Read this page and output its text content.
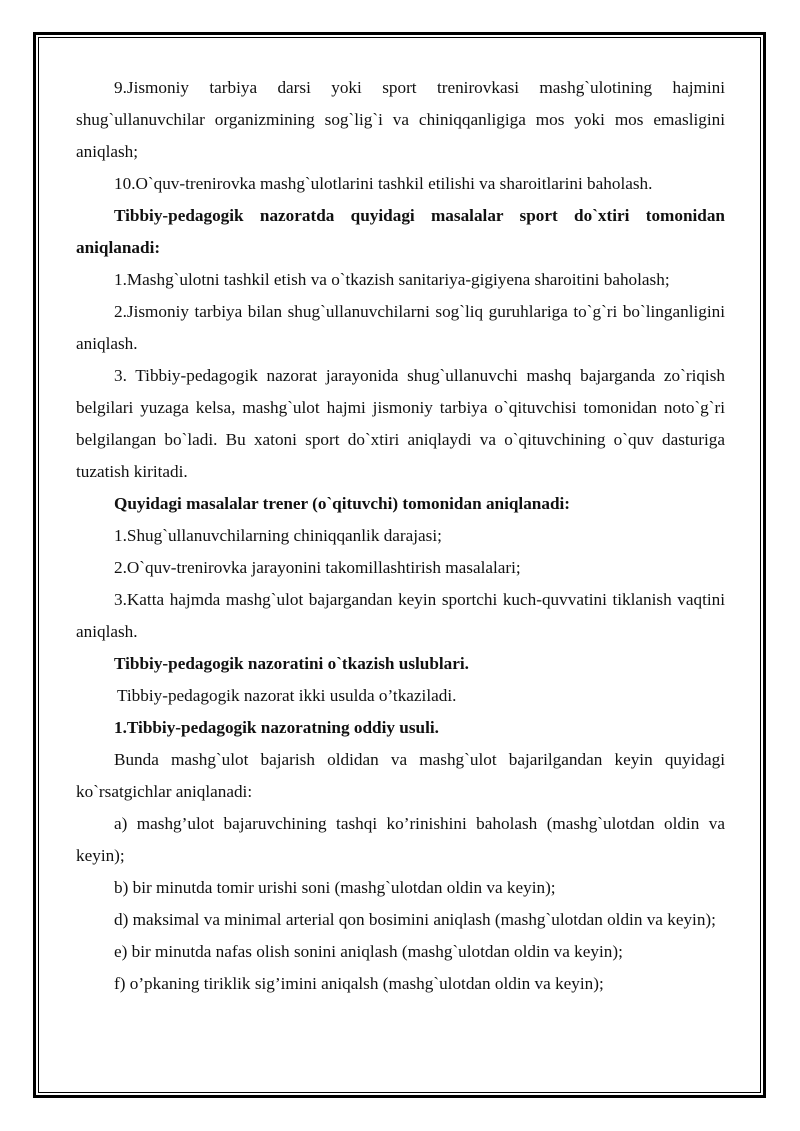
9.Jismoniy tarbiya darsi yoki sport trenirovkasi mashg`ulotining hajmini shug`ullanuvchilar organizmining sog`lig`i va chiniqqanligiga mos yoki mos emasligini aniqlash;

10.O`quv-trenirovka mashg`ulotlarini tashkil etilishi va sharoitlarini baholash.

Tibbiy-pedagogik nazoratda quyidagi masalalar sport do`xtiri tomonidan aniqlanadi:

1.Mashg`ulotni tashkil etish va o`tkazish sanitariya-gigiyena sharoitini baholash;

2.Jismoniy tarbiya bilan shug`ullanuvchilarni sog`liq guruhlariga to`g`ri bo`linganligini aniqlash.

3. Tibbiy-pedagogik nazorat jarayonida shug`ullanuvchi mashq bajarganda zo`riqish belgilari yuzaga kelsa, mashg`ulot hajmi jismoniy tarbiya o`qituvchisi tomonidan noto`g`ri belgilangan bo`ladi. Bu xatoni sport do`xtiri aniqlaydi va o`qituvchining o`quv dasturiga tuzatish kiritadi.

Quyidagi masalalar trener (o`qituvchi) tomonidan aniqlanadi:

1.Shug`ullanuvchilarning chiniqqanlik darajasi;

2.O`quv-trenirovka jarayonini takomillashtirish masalalari;

3.Katta hajmda mashg`ulot bajargandan keyin sportchi kuch-quvvatini tiklanish vaqtini aniqlash.

Tibbiy-pedagogik nazoratini o`tkazish uslublari.

Tibbiy-pedagogik nazorat ikki usulda o’tkaziladi.

1.Tibbiy-pedagogik nazoratning oddiy usuli.

Bunda mashg`ulot bajarish oldidan va mashg`ulot bajarilgandan keyin quyidagi ko`rsatgichlar aniqlanadi:

a) mashg’ulot bajaruvchining tashqi ko’rinishini baholash (mashg`ulotdan oldin va keyin);

b) bir minutda tomir urishi soni (mashg`ulotdan oldin va keyin);

d) maksimal va minimal arterial qon bosimini aniqlash (mashg`ulotdan oldin va keyin);

e) bir minutda nafas olish sonini aniqlash (mashg`ulotdan oldin va keyin);

f) o’pkaning tiriklik sig’imini aniqalsh (mashg`ulotdan oldin va keyin);
